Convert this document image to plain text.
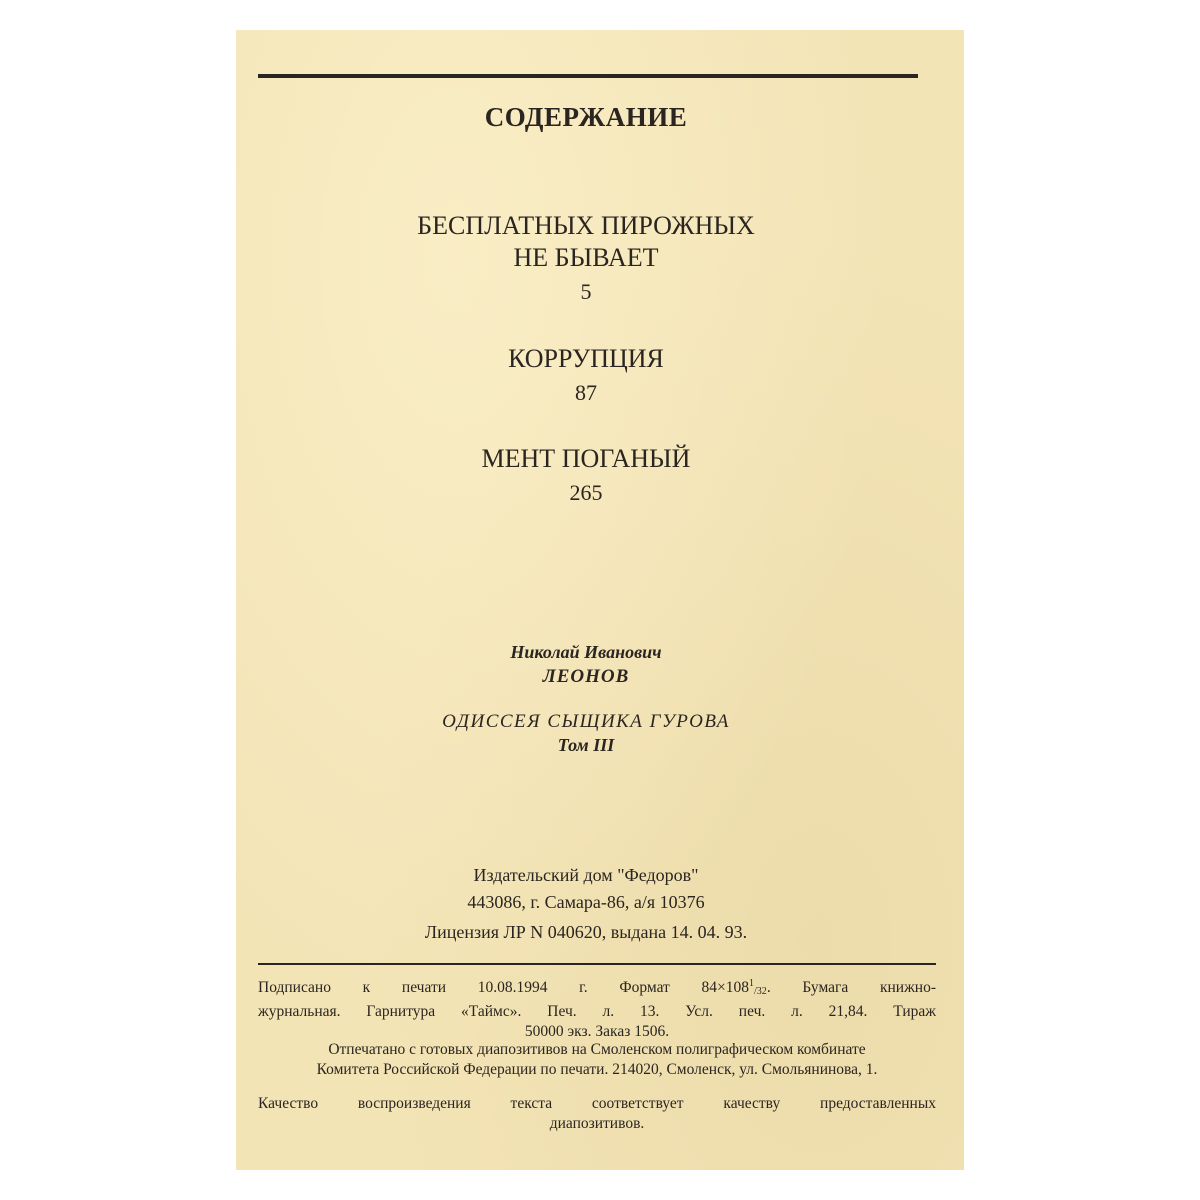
СОДЕРЖАНИЕ
БЕСПЛАТНЫХ ПИРОЖНЫХ
НЕ БЫВАЕТ
5
КОРРУПЦИЯ
87
МЕНТ ПОГАНЫЙ
265
Николай Иванович
ЛЕОНОВ
ОДИССЕЯ СЫЩИКА ГУРОВА
Том III
Издательский дом "Федоров"
443086, г. Самара-86, а/я 10376
Лицензия ЛР N 040620, выдана 14. 04. 93.
Подписано к печати 10.08.1994 г. Формат $84\times 108^1_{/32}$. Бумага книжно-
журнальная. Гарнитура «Таймс». Печ. л. 13. Усл. печ. л. 21,84. Тираж
50000 экз. Заказ 1506.
Отпечатано с готовых диапозитивов на Смоленском полиграфическом комбинате
Комитета Российской Федерации по печати. 214020, Смоленск, ул. Смольянинова, 1.
Качество воспроизведения текста соответствует качеству предоставленных
диапозитивов.
